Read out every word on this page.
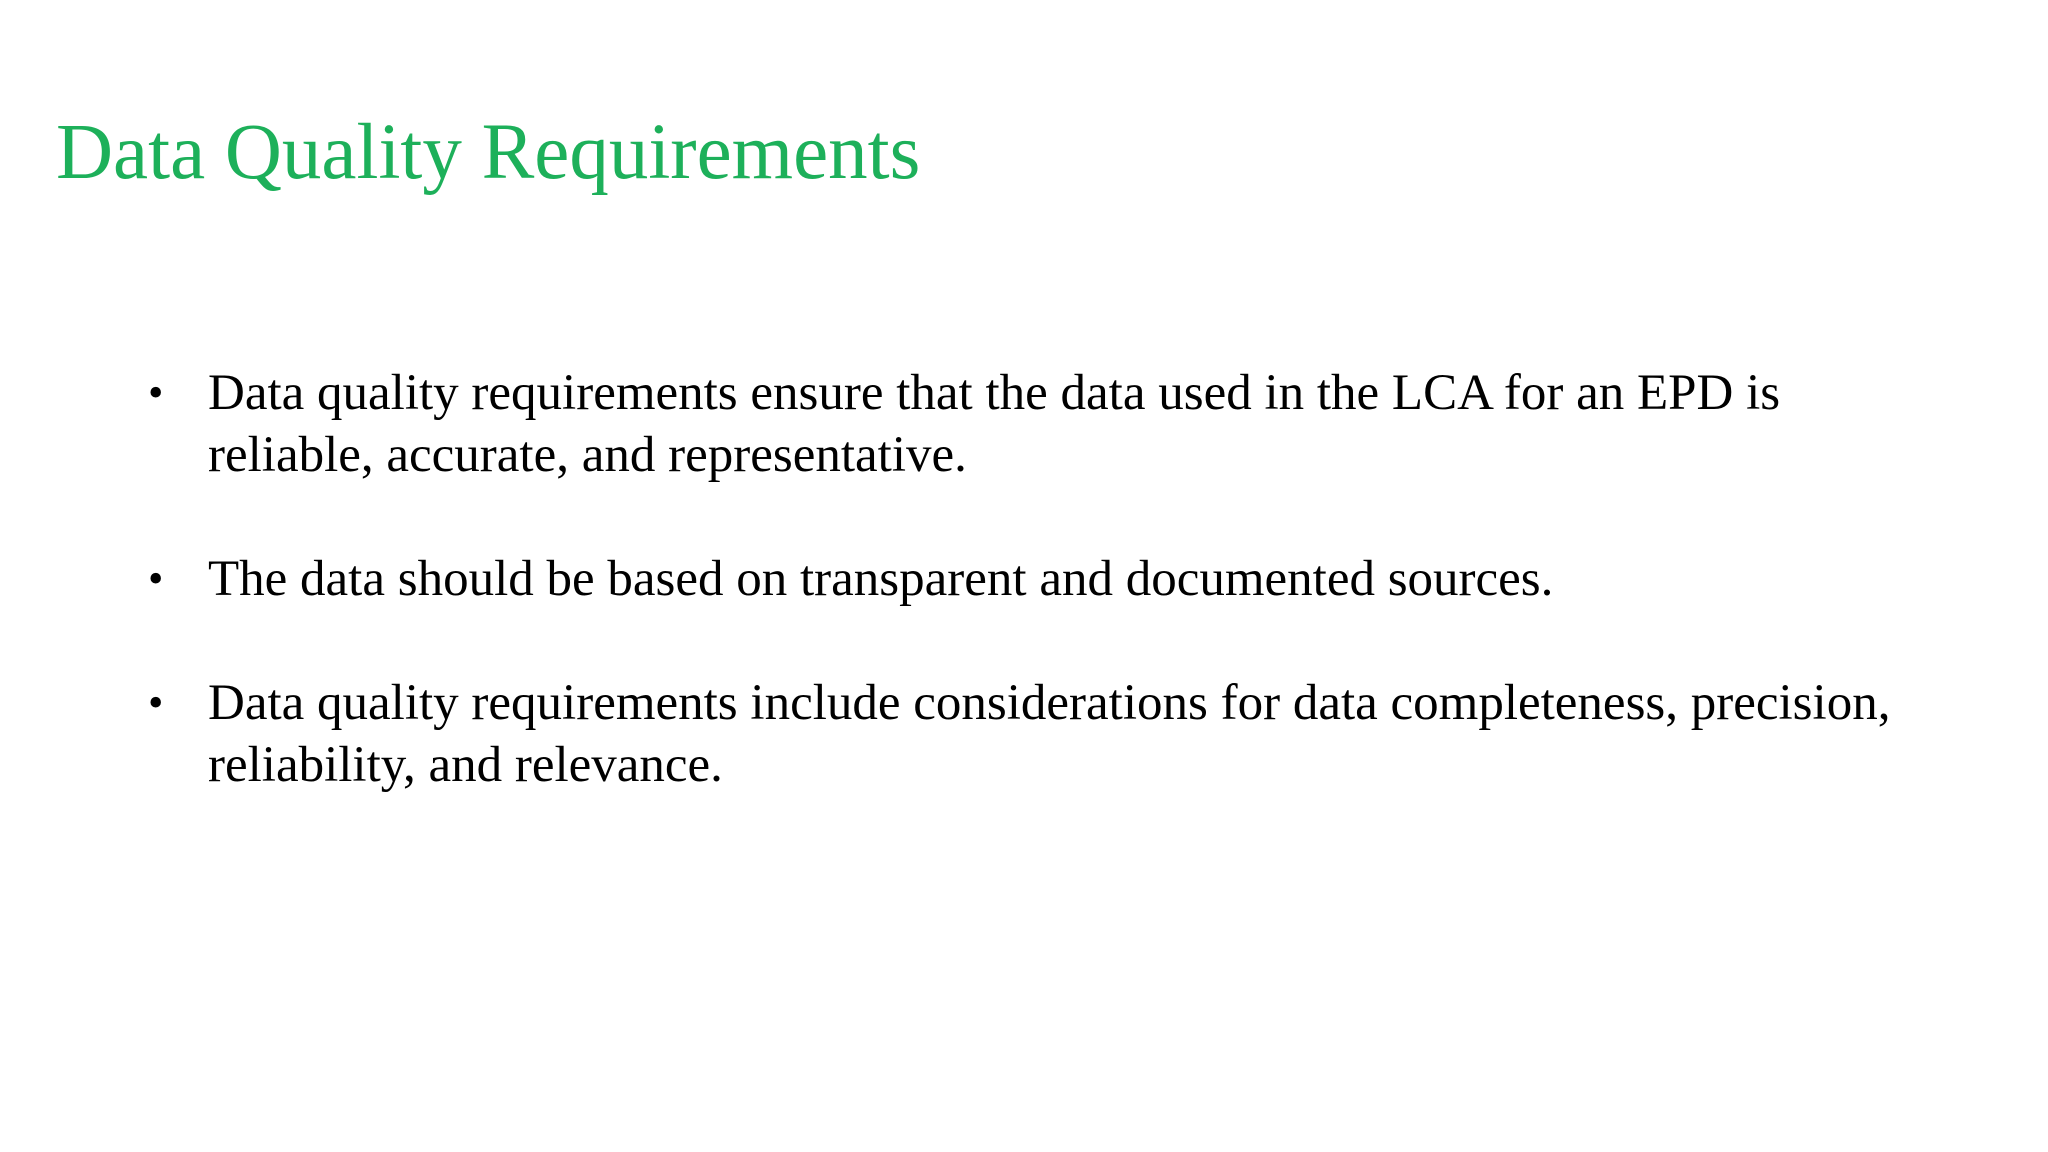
Data Quality Requirements
• Data quality requirements ensure that the data used in the LCA for an EPD is reliable, accurate, and representative.
• The data should be based on transparent and documented sources.
• Data quality requirements include considerations for data completeness, precision, reliability, and relevance.
